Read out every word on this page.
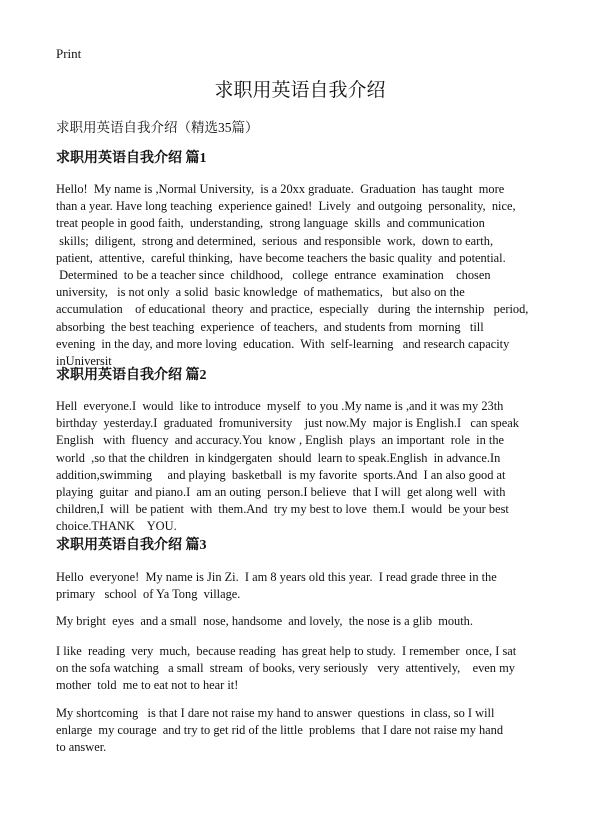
Print
求职用英语自我介绍
求职用英语自我介绍（精选35篇）
求职用英语自我介绍 篇1
Hello!  My name is ,Normal University,  is a 20xx graduate.  Graduation  has taught  more
than a year. Have long teaching  experience gained!  Lively  and outgoing  personality,  nice,
treat people in good faith,  understanding,  strong language  skills  and communication
skills;  diligent,  strong and determined,  serious  and responsible  work,  down to earth,
patient,  attentive,  careful thinking,  have become teachers the basic quality  and potential.
Determined  to be a teacher since  childhood,   college  entrance  examination    chosen
university,   is not only  a solid  basic knowledge  of mathematics,   but also on the
accumulation    of educational  theory  and practice,  especially   during  the internship   period,
absorbing  the best teaching  experience  of teachers,  and students from  morning   till
evening  in the day, and more loving  education.  With  self-learning   and research capacity
inUniversit
求职用英语自我介绍 篇2
Hell  everyone.I  would  like to introduce  myself  to you .My name is ,and it was my 23th
birthday  yesterday.I  graduated  fromuniversity    just now.My  major is English.I   can speak
English   with  fluency  and accuracy.You  know , English  plays  an important  role  in the
world  ,so that the children  in kindgergaten  should  learn to speak.English  in advance.In
addition,swimming     and playing  basketball  is my favorite  sports.And  I an also good at
playing  guitar  and piano.I  am an outing  person.I believe  that I will  get along well  with
children,I  will  be patient  with  them.And  try my best to love  them.I  would  be your best
choice.THANK    YOU.
求职用英语自我介绍 篇3
Hello  everyone!  My name is Jin Zi.  I am 8 years old this year.  I read grade three in the
primary   school  of Ya Tong  village.
My bright  eyes  and a small  nose, handsome  and lovely,  the nose is a glib  mouth.
I like  reading  very  much,  because reading  has great help to study.  I remember  once, I sat
on the sofa watching   a small  stream  of books, very seriously   very  attentively,    even my
mother  told  me to eat not to hear it!
My shortcoming   is that I dare not raise my hand to answer  questions  in class, so I will
enlarge  my courage  and try to get rid of the little  problems  that I dare not raise my hand
to answer.
